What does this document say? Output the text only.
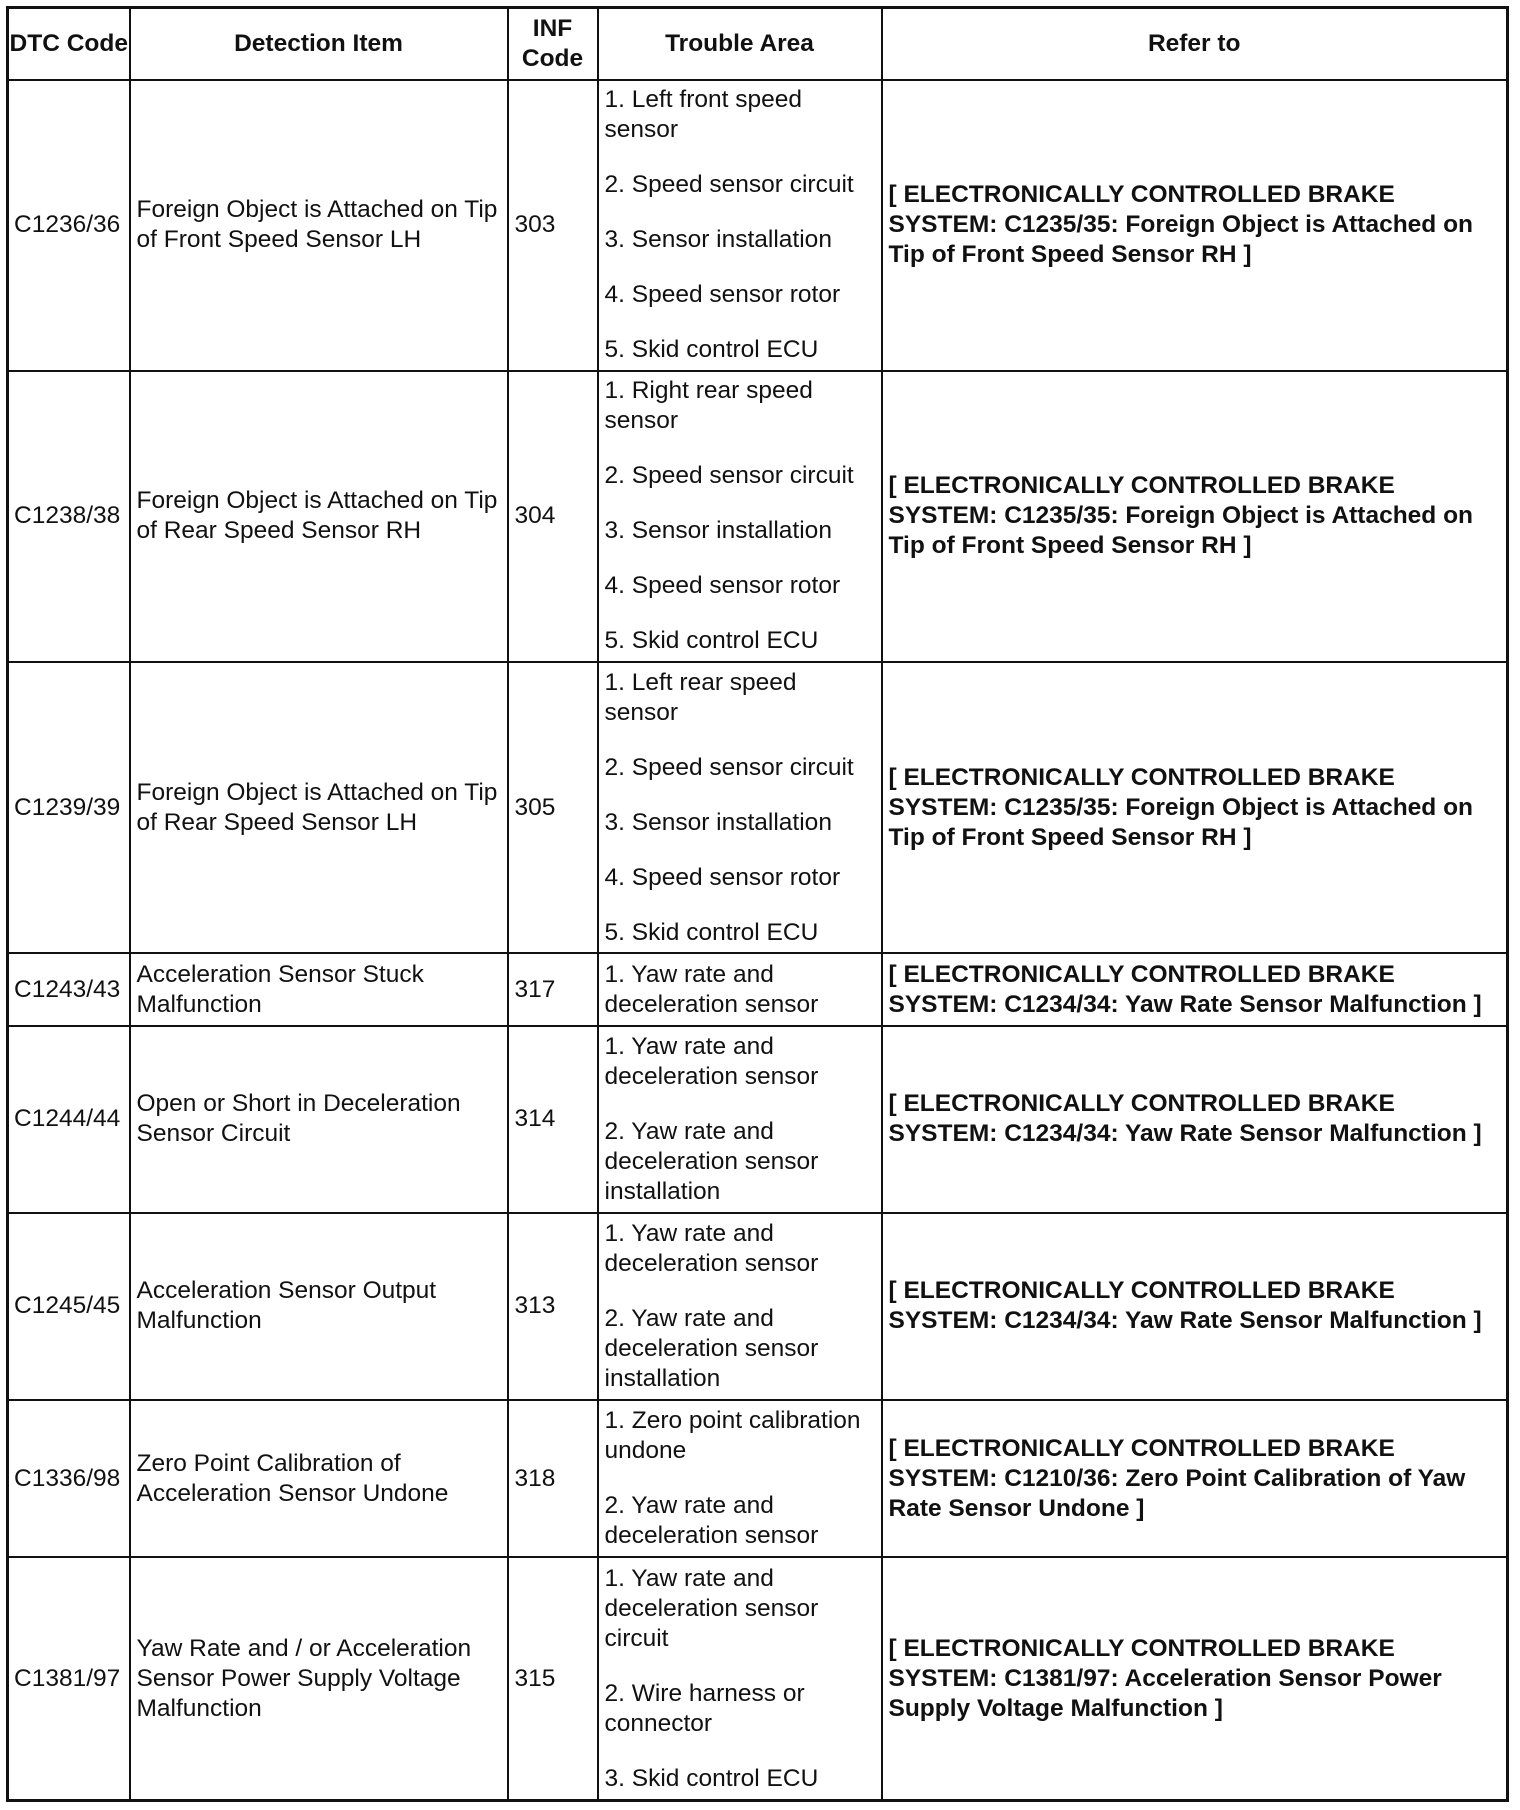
DTC Code	Detection Item	INF Code	Trouble Area	Refer to
C1236/36	Foreign Object is Attached on Tip of Front Speed Sensor LH	303	1. Left front speed sensor
2. Speed sensor circuit
3. Sensor installation
4. Speed sensor rotor
5. Skid control ECU	[ ELECTRONICALLY CONTROLLED BRAKE SYSTEM: C1235/35: Foreign Object is Attached on Tip of Front Speed Sensor RH ]
C1238/38	Foreign Object is Attached on Tip of Rear Speed Sensor RH	304	1. Right rear speed sensor
2. Speed sensor circuit
3. Sensor installation
4. Speed sensor rotor
5. Skid control ECU	[ ELECTRONICALLY CONTROLLED BRAKE SYSTEM: C1235/35: Foreign Object is Attached on Tip of Front Speed Sensor RH ]
C1239/39	Foreign Object is Attached on Tip of Rear Speed Sensor LH	305	1. Left rear speed sensor
2. Speed sensor circuit
3. Sensor installation
4. Speed sensor rotor
5. Skid control ECU	[ ELECTRONICALLY CONTROLLED BRAKE SYSTEM: C1235/35: Foreign Object is Attached on Tip of Front Speed Sensor RH ]
C1243/43	Acceleration Sensor Stuck Malfunction	317	1. Yaw rate and deceleration sensor	[ ELECTRONICALLY CONTROLLED BRAKE SYSTEM: C1234/34: Yaw Rate Sensor Malfunction ]
C1244/44	Open or Short in Deceleration Sensor Circuit	314	1. Yaw rate and deceleration sensor
2. Yaw rate and deceleration sensor installation	[ ELECTRONICALLY CONTROLLED BRAKE SYSTEM: C1234/34: Yaw Rate Sensor Malfunction ]
C1245/45	Acceleration Sensor Output Malfunction	313	1. Yaw rate and deceleration sensor
2. Yaw rate and deceleration sensor installation	[ ELECTRONICALLY CONTROLLED BRAKE SYSTEM: C1234/34: Yaw Rate Sensor Malfunction ]
C1336/98	Zero Point Calibration of Acceleration Sensor Undone	318	1. Zero point calibration undone
2. Yaw rate and deceleration sensor	[ ELECTRONICALLY CONTROLLED BRAKE SYSTEM: C1210/36: Zero Point Calibration of Yaw Rate Sensor Undone ]
C1381/97	Yaw Rate and / or Acceleration Sensor Power Supply Voltage Malfunction	315	1. Yaw rate and deceleration sensor circuit
2. Wire harness or connector
3. Skid control ECU	[ ELECTRONICALLY CONTROLLED BRAKE SYSTEM: C1381/97: Acceleration Sensor Power Supply Voltage Malfunction ]
